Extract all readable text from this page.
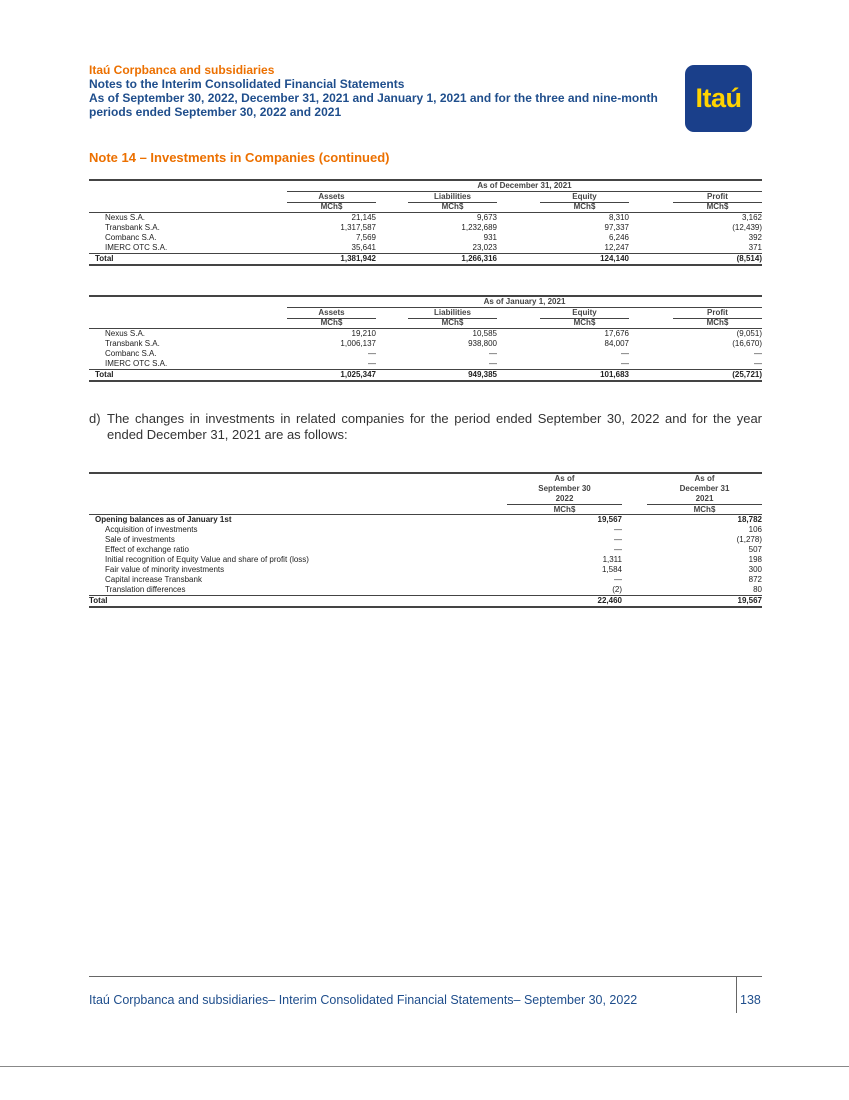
Itaú Corpbanca and subsidiaries
Notes to the Interim Consolidated Financial Statements
As of September 30, 2022, December 31, 2021 and January 1, 2021 and for the three and nine-month periods ended September 30, 2022 and 2021	Itaú
Note 14 – Investments in Companies (continued)
As of December 31, 2021
Assets	Liabilities	Equity	Profit
MCh$	MCh$	MCh$	MCh$
Nexus S.A.	21,145	9,673	8,310	3,162
Transbank S.A.	1,317,587	1,232,689	97,337	(12,439)
Combanc S.A.	7,569	931	6,246	392
IMERC OTC S.A.	35,641	23,023	12,247	371
Total	1,381,942	1,266,316	124,140	(8,514)
As of January 1, 2021
Assets	Liabilities	Equity	Profit
MCh$	MCh$	MCh$	MCh$
Nexus S.A.	19,210	10,585	17,676	(9,051)
Transbank S.A.	1,006,137	938,800	84,007	(16,670)
Combanc S.A.	—	—	—	—
IMERC OTC S.A.	—	—	—	—
Total	1,025,347	949,385	101,683	(25,721)
d) The changes in investments in related companies for the period ended September 30, 2022 and for the year ended December 31, 2021 are as follows:
As of	As of
September 30	December 31
2022	2021
MCh$	MCh$
Opening balances as of January 1st	19,567	18,782
Acquisition of investments	—	106
Sale of investments	—	(1,278)
Effect of exchange ratio	—	507
Initial recognition of Equity Value and share of profit (loss)	1,311	198
Fair value of minority investments	1,584	300
Capital increase Transbank	—	872
Translation differences	(2)	80
Total	22,460	19,567
Itaú Corpbanca and subsidiaries– Interim Consolidated Financial Statements– September 30, 2022	138
